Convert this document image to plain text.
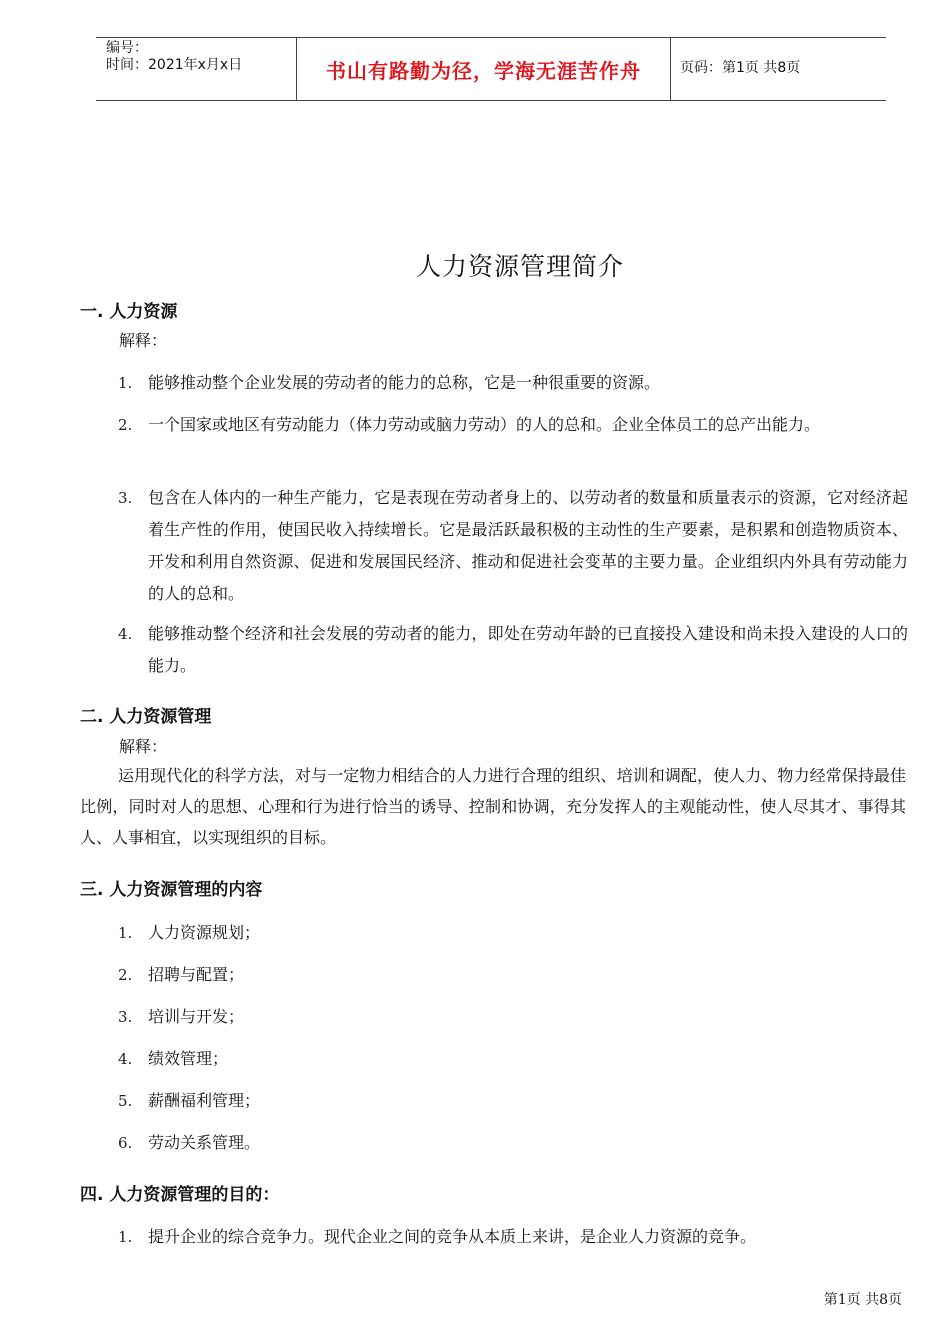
编号：
时间：2021年x月x日	书山有路勤为径，学海无涯苦作舟	页码：第1页 共8页
人力资源管理简介
一. 人力资源
解释：
1. 能够推动整个企业发展的劳动者的能力的总称，它是一种很重要的资源。
2. 一个国家或地区有劳动能力（体力劳动或脑力劳动）的人的总和。企业全体员工的总产出能力。
3. 包含在人体内的一种生产能力，它是表现在劳动者身上的、以劳动者的数量和质量表示的资源，它对经济起着生产性的作用，使国民收入持续增长。它是最活跃最积极的主动性的生产要素，是积累和创造物质资本、开发和利用自然资源、促进和发展国民经济、推动和促进社会变革的主要力量。企业组织内外具有劳动能力的人的总和。
4. 能够推动整个经济和社会发展的劳动者的能力，即处在劳动年龄的已直接投入建设和尚未投入建设的人口的能力。
二. 人力资源管理
解释：
运用现代化的科学方法，对与一定物力相结合的人力进行合理的组织、培训和调配，使人力、物力经常保持最佳比例，同时对人的思想、心理和行为进行恰当的诱导、控制和协调，充分发挥人的主观能动性，使人尽其才、事得其人、人事相宜，以实现组织的目标。
三. 人力资源管理的内容
1. 人力资源规划；
2. 招聘与配置；
3. 培训与开发；
4. 绩效管理；
5. 薪酬福利管理；
6. 劳动关系管理。
四. 人力资源管理的目的：
1. 提升企业的综合竞争力。现代企业之间的竞争从本质上来讲，是企业人力资源的竞争。
第1页 共8页
